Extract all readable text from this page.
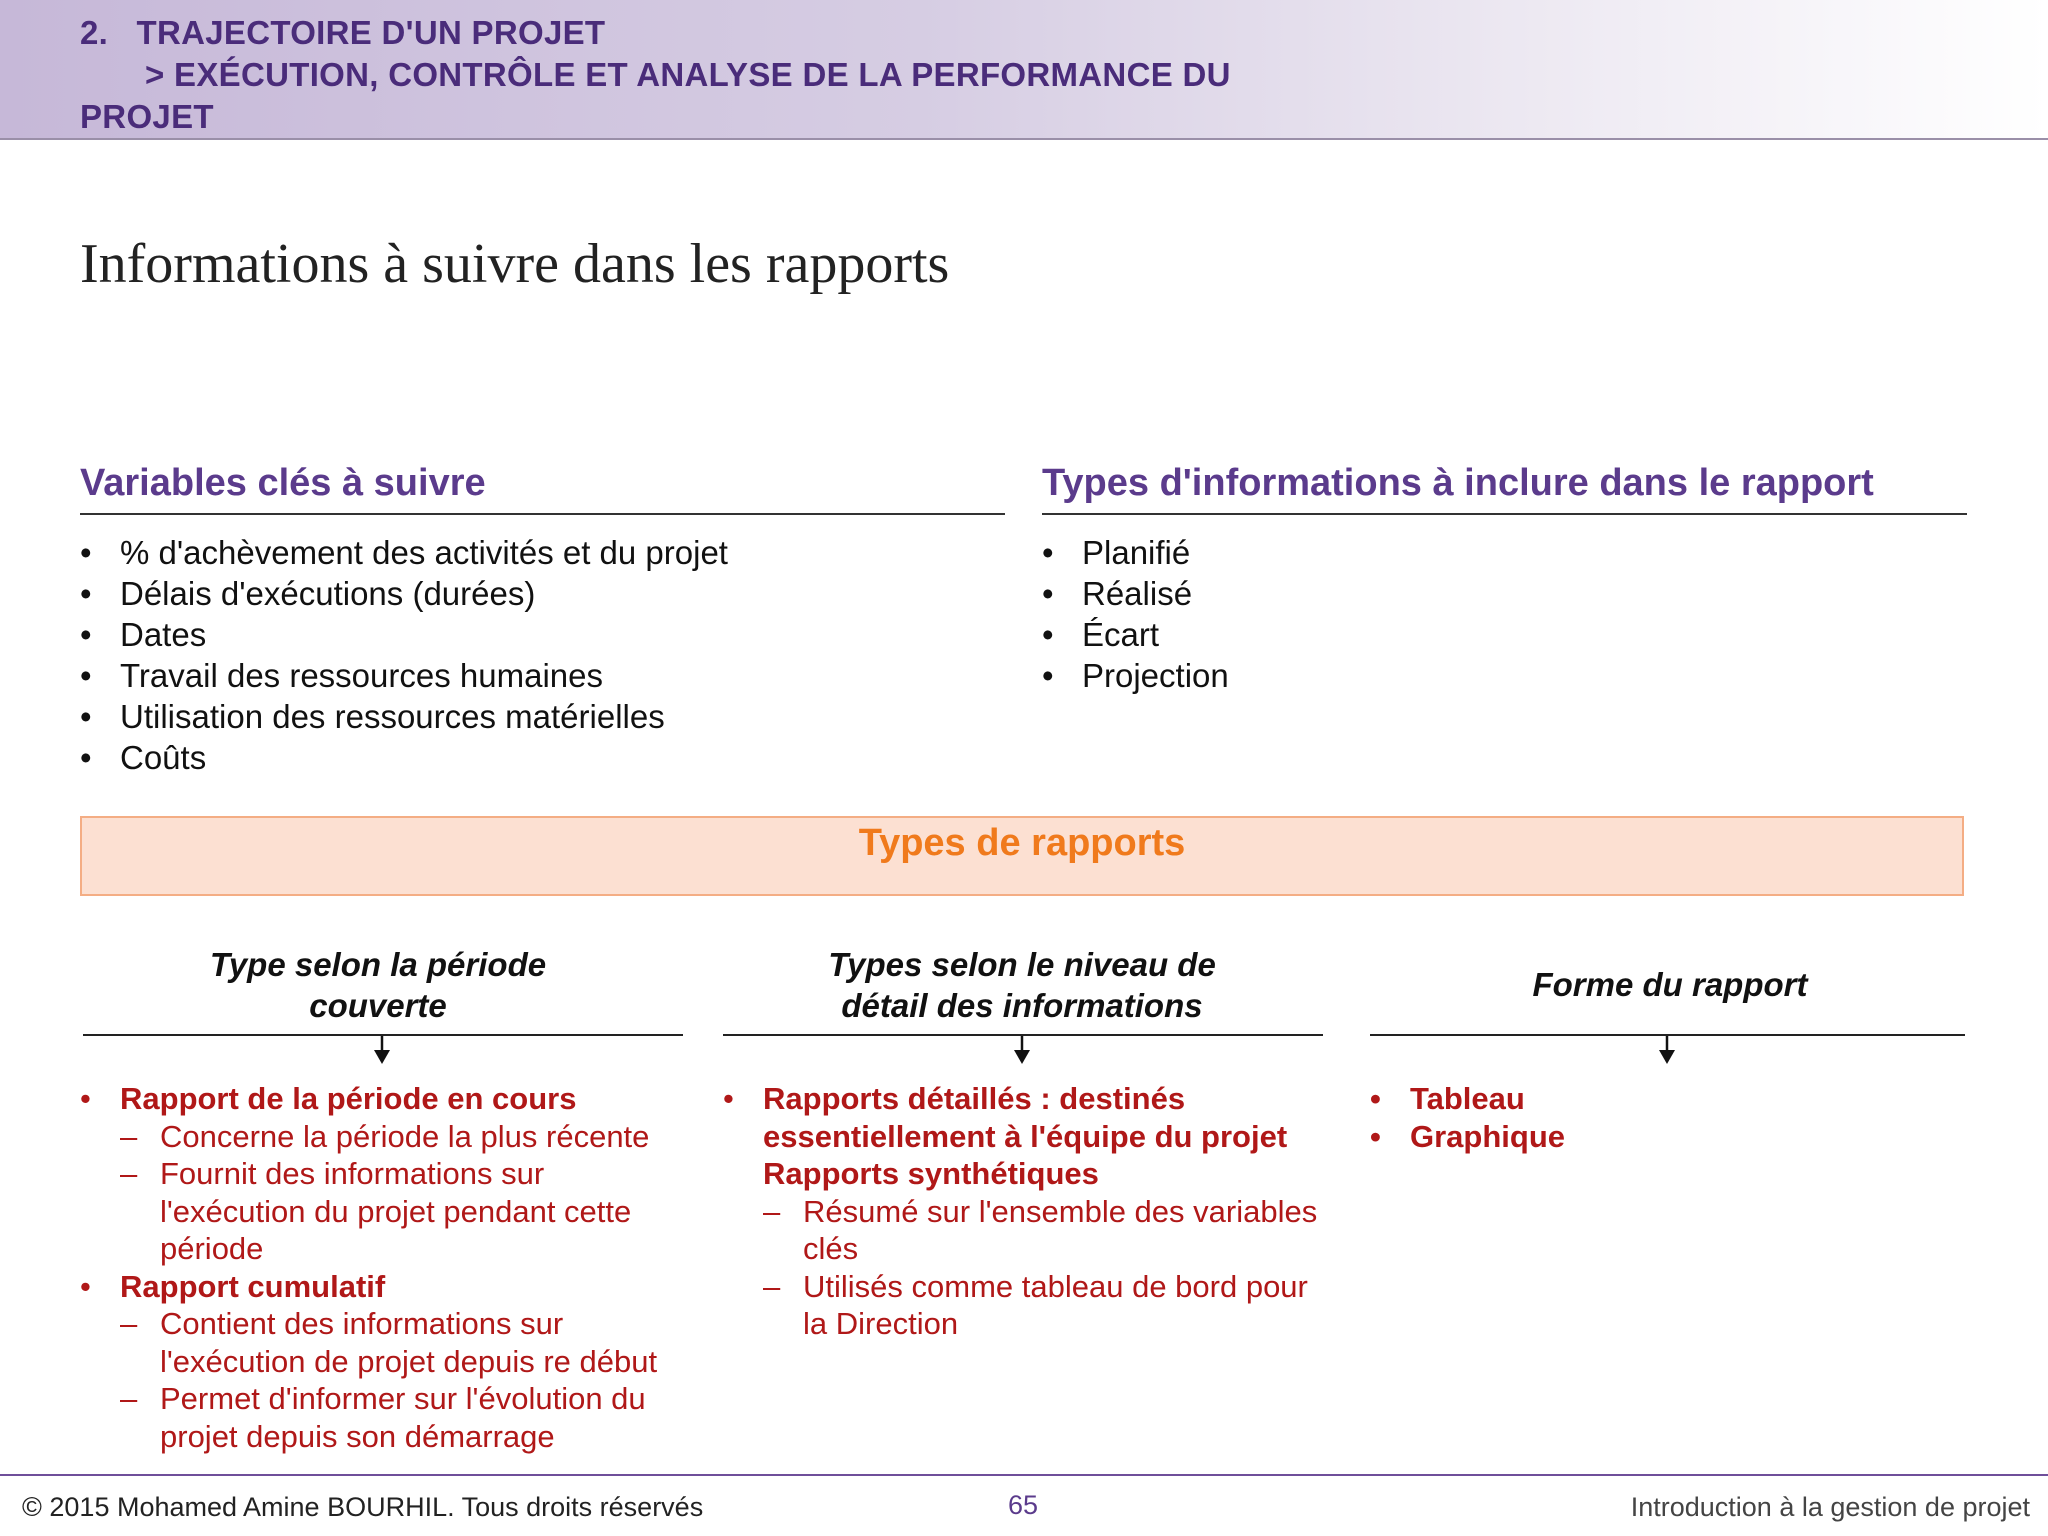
2.   TRAJECTOIRE D'UN PROJET
> EXÉCUTION, CONTRÔLE ET ANALYSE DE LA PERFORMANCE DU
PROJET
Informations à suivre dans les rapports
Variables clés à suivre	Types d'informations à inclure dans le rapport
• % d'achèvement des activités et du projet
• Délais d'exécutions (durées)
• Dates
• Travail des ressources humaines
• Utilisation des ressources matérielles
• Coûts
• Planifié
• Réalisé
• Écart
• Projection
Types de rapports
Type selon la période
couverte
• Rapport de la période en cours
– Concerne la période la plus récente
– Fournit des informations sur l'exécution du projet pendant cette période
• Rapport cumulatif
– Contient des informations sur l'exécution de projet depuis re début
– Permet d'informer sur l'évolution du projet depuis son démarrage
Types selon le niveau de
détail des informations
• Rapports détaillés : destinés essentiellement à l'équipe du projet
Rapports synthétiques
– Résumé sur l'ensemble des variables clés
– Utilisés comme tableau de bord pour la Direction
Forme du rapport
• Tableau
• Graphique
© 2015 Mohamed Amine BOURHIL. Tous droits réservés	65	Introduction à la gestion de projet
